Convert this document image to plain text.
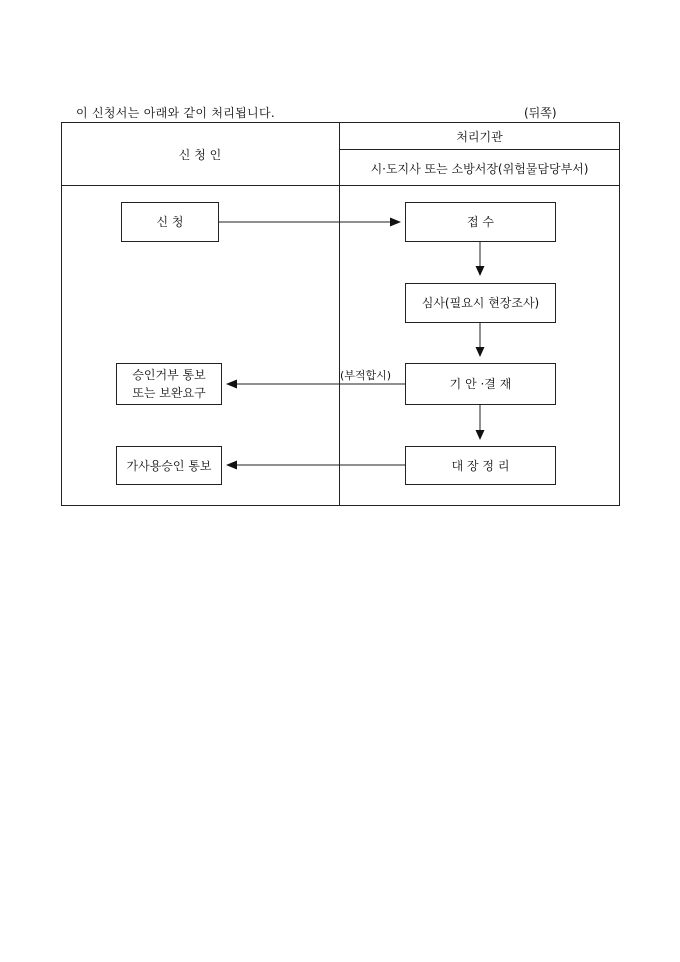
이 신청서는 아래와 같이 처리됩니다.	(뒤쪽)
신 청 인
처리기관
시·도지사 또는 소방서장(위험물담당부서)
신 청	접 수
심사(필요시 현장조사)
기 안 ·결 재
대 장 정 리
승인거부 통보
또는 보완요구
가사용승인 통보
(부적합시)
